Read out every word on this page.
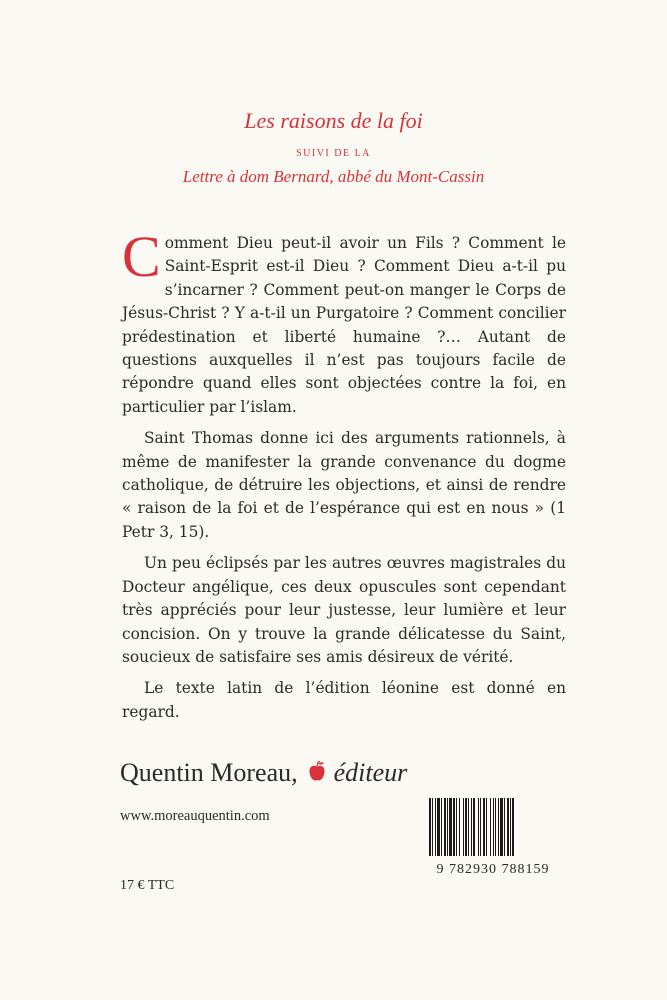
Les raisons de la foi
SUIVI DE LA
Lettre à dom Bernard, abbé du Mont-Cassin

Comment Dieu peut-il avoir un Fils ? Comment le Saint-Esprit est-il Dieu ? Comment Dieu a-t-il pu s’incarner ? Comment peut-on manger le Corps de Jésus-Christ ? Y a-t-il un Purgatoire ? Comment concilier prédestination et liberté humaine ?… Autant de questions auxquelles il n’est pas toujours facile de répondre quand elles sont objectées contre la foi, en particulier par l’islam.

Saint Thomas donne ici des arguments rationnels, à même de manifester la grande convenance du dogme catholique, de détruire les objections, et ainsi de rendre « raison de la foi et de l’espérance qui est en nous » (1 Petr 3, 15).

Un peu éclipsés par les autres œuvres magistrales du Docteur angélique, ces deux opuscules sont cependant très appréciés pour leur justesse, leur lumière et leur concision. On y trouve la grande délicatesse du Saint, soucieux de satisfaire ses amis désireux de vérité.

Le texte latin de l’édition léonine est donné en regard.

Quentin Moreau, éditeur
www.moreauquentin.com
17 € TTC
9 782930 788159
